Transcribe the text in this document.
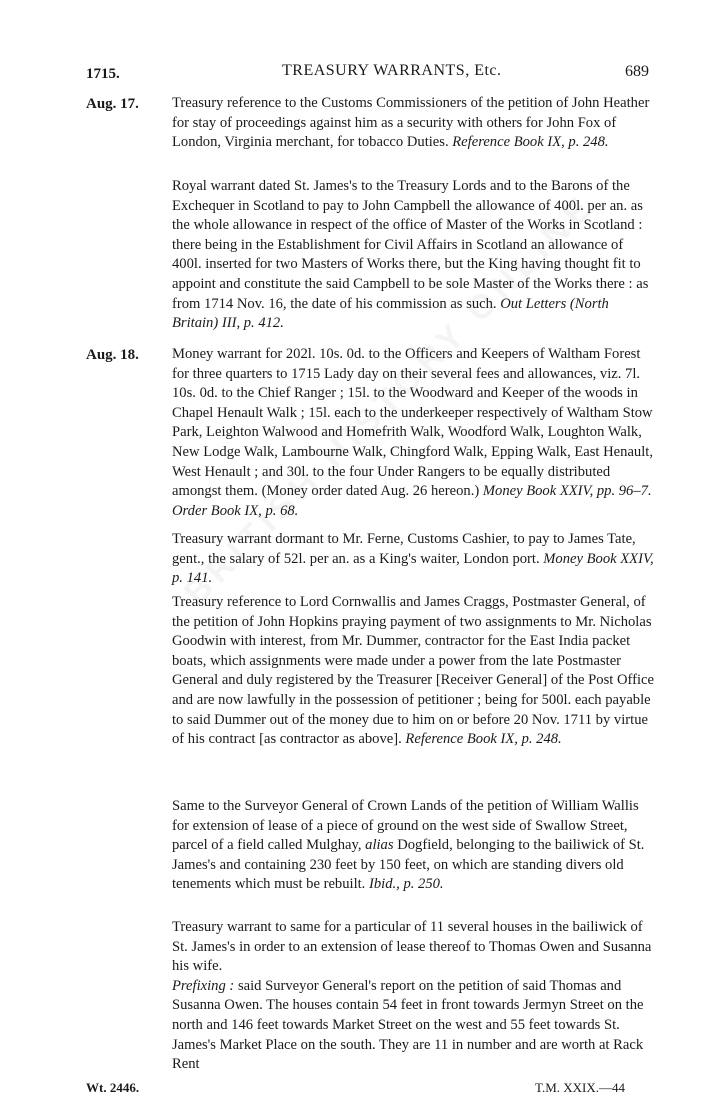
1715.	TREASURY WARRANTS, Etc.	689
Aug. 17. Treasury reference to the Customs Commissioners of the petition of John Heather for stay of proceedings against him as a security with others for John Fox of London, Virginia merchant, for tobacco Duties. Reference Book IX, p. 248.

Royal warrant dated St. James's to the Treasury Lords and to the Barons of the Exchequer in Scotland to pay to John Campbell the allowance of 400l. per an. as the whole allowance in respect of the office of Master of the Works in Scotland : there being in the Establishment for Civil Affairs in Scotland an allowance of 400l. inserted for two Masters of Works there, but the King having thought fit to appoint and constitute the said Campbell to be sole Master of the Works there : as from 1714 Nov. 16, the date of his commission as such. Out Letters (North Britain) III, p. 412.

Aug. 18. Money warrant for 202l. 10s. 0d. to the Officers and Keepers of Waltham Forest for three quarters to 1715 Lady day on their several fees and allowances, viz. 7l. 10s. 0d. to the Chief Ranger ; 15l. to the Woodward and Keeper of the woods in Chapel Henault Walk ; 15l. each to the underkeeper respectively of Waltham Stow Park, Leighton Walwood and Homefrith Walk, Woodford Walk, Loughton Walk, New Lodge Walk, Lambourne Walk, Chingford Walk, Epping Walk, East Henault, West Henault ; and 30l. to the four Under Rangers to be equally distributed amongst them. (Money order dated Aug. 26 hereon.) Money Book XXIV, pp. 96–7. Order Book IX, p. 68.

Treasury warrant dormant to Mr. Ferne, Customs Cashier, to pay to James Tate, gent., the salary of 52l. per an. as a King's waiter, London port. Money Book XXIV, p. 141.

Treasury reference to Lord Cornwallis and James Craggs, Postmaster General, of the petition of John Hopkins praying payment of two assignments to Mr. Nicholas Goodwin with interest, from Mr. Dummer, contractor for the East India packet boats, which assignments were made under a power from the late Postmaster General and duly registered by the Treasurer [Receiver General] of the Post Office and are now lawfully in the possession of petitioner ; being for 500l. each payable to said Dummer out of the money due to him on or before 20 Nov. 1711 by virtue of his contract [as contractor as above]. Reference Book IX, p. 248.

Same to the Surveyor General of Crown Lands of the petition of William Wallis for extension of lease of a piece of ground on the west side of Swallow Street, parcel of a field called Mulghay, alias Dogfield, belonging to the bailiwick of St. James's and containing 230 feet by 150 feet, on which are standing divers old tenements which must be rebuilt. Ibid., p. 250.

Treasury warrant to same for a particular of 11 several houses in the bailiwick of St. James's in order to an extension of lease thereof to Thomas Owen and Susanna his wife.

Prefixing : said Surveyor General's report on the petition of said Thomas and Susanna Owen. The houses contain 54 feet in front towards Jermyn Street on the north and 146 feet towards Market Street on the west and 55 feet towards St. James's Market Place on the south. They are 11 in number and are worth at Rack Rent

Wt. 2446.	T.M. XXIX.—44
